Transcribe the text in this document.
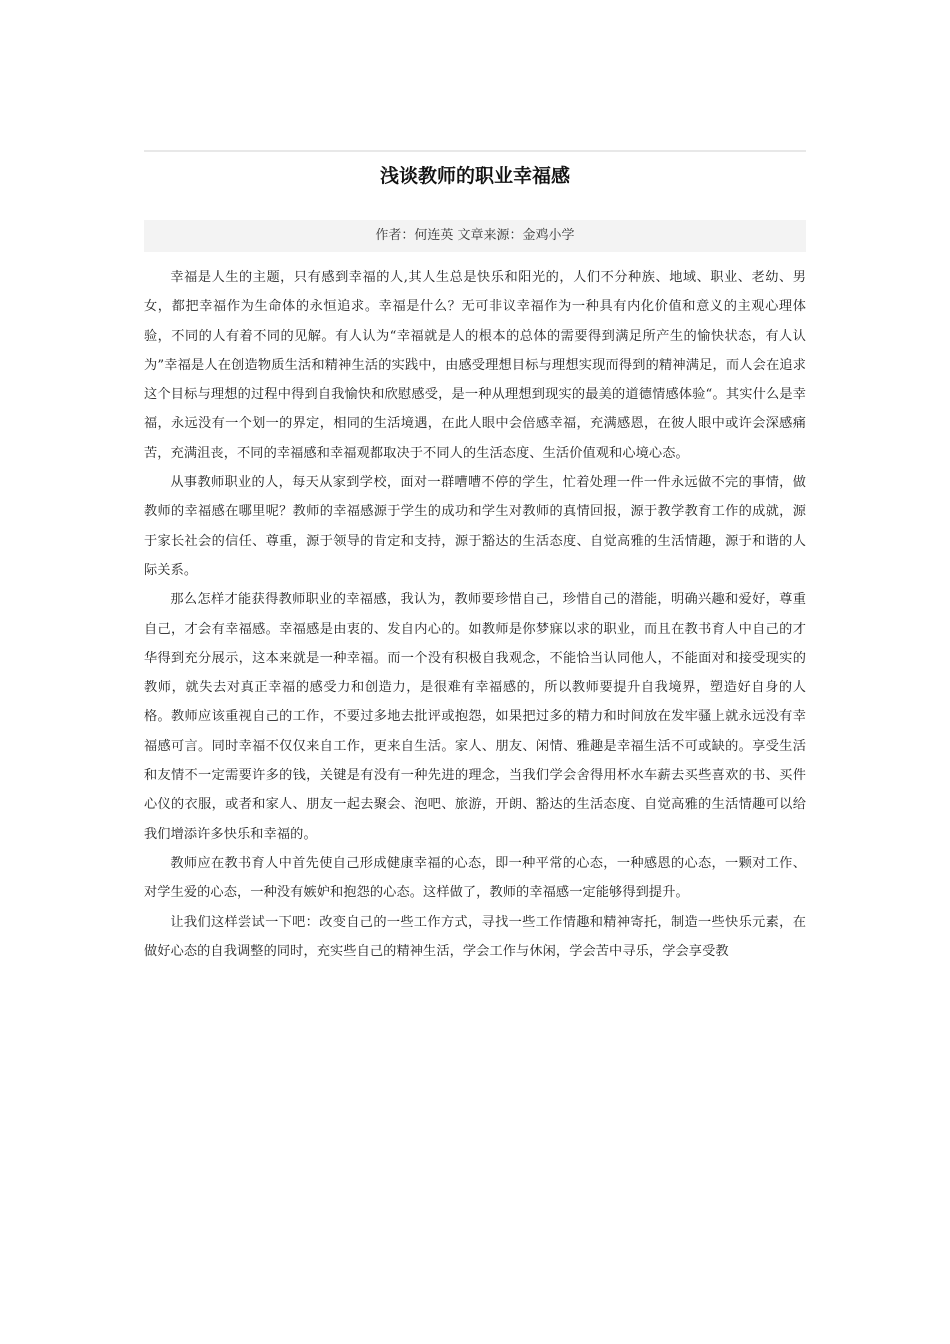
浅谈教师的职业幸福感
作者：何连英 文章来源：金鸡小学

幸福是人生的主题，只有感到幸福的人,其人生总是快乐和阳光的，人们不分种族、地域、职业、老幼、男女，都把幸福作为生命体的永恒追求。幸福是什么？无可非议幸福作为一种具有内化价值和意义的主观心理体验，不同的人有着不同的见解。有人认为“幸福就是人的根本的总体的需要得到满足所产生的愉快状态，有人认为”幸福是人在创造物质生活和精神生活的实践中，由感受理想目标与理想实现而得到的精神满足，而人会在追求这个目标与理想的过程中得到自我愉快和欣慰感受，是一种从理想到现实的最美的道德情感体验“。其实什么是幸福，永远没有一个划一的界定，相同的生活境遇，在此人眼中会倍感幸福，充满感恩，在彼人眼中或许会深感痛苦，充满沮丧，不同的幸福感和幸福观都取决于不同人的生活态度、生活价值观和心境心态。

从事教师职业的人，每天从家到学校，面对一群嘈嘈不停的学生，忙着处理一件一件永远做不完的事情，做教师的幸福感在哪里呢？教师的幸福感源于学生的成功和学生对教师的真情回报，源于教学教育工作的成就，源于家长社会的信任、尊重，源于领导的肯定和支持，源于豁达的生活态度、自觉高雅的生活情趣，源于和谐的人际关系。

那么怎样才能获得教师职业的幸福感，我认为，教师要珍惜自己，珍惜自己的潜能，明确兴趣和爱好，尊重自己，才会有幸福感。幸福感是由衷的、发自内心的。如教师是你梦寐以求的职业，而且在教书育人中自己的才华得到充分展示，这本来就是一种幸福。而一个没有积极自我观念，不能恰当认同他人，不能面对和接受现实的教师，就失去对真正幸福的感受力和创造力，是很难有幸福感的，所以教师要提升自我境界，塑造好自身的人格。教师应该重视自己的工作，不要过多地去批评或抱怨，如果把过多的精力和时间放在发牢骚上就永远没有幸福感可言。同时幸福不仅仅来自工作，更来自生活。家人、朋友、闲情、雅趣是幸福生活不可或缺的。享受生活和友情不一定需要许多的钱，关键是有没有一种先进的理念，当我们学会舍得用杯水车薪去买些喜欢的书、买件心仪的衣服，或者和家人、朋友一起去聚会、泡吧、旅游，开朗、豁达的生活态度、自觉高雅的生活情趣可以给我们增添许多快乐和幸福的。

教师应在教书育人中首先使自己形成健康幸福的心态，即一种平常的心态，一种感恩的心态，一颗对工作、对学生爱的心态，一种没有嫉妒和抱怨的心态。这样做了，教师的幸福感一定能够得到提升。

让我们这样尝试一下吧：改变自己的一些工作方式，寻找一些工作情趣和精神寄托，制造一些快乐元素，在做好心态的自我调整的同时，充实些自己的精神生活，学会工作与休闲，学会苦中寻乐，学会享受教
